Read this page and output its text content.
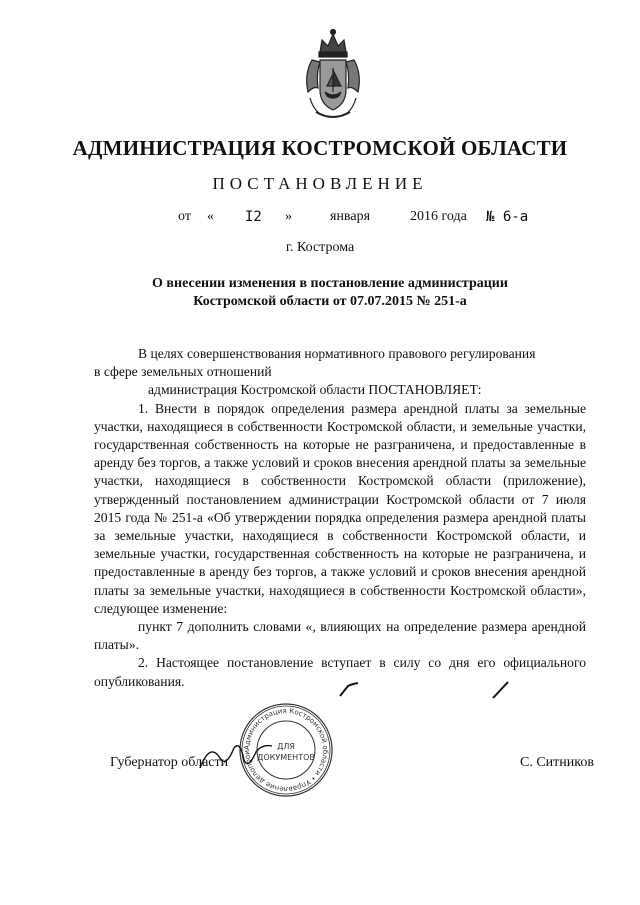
АДМИНИСТРАЦИЯ КОСТРОМСКОЙ ОБЛАСТИ
ПОСТАНОВЛЕНИЕ
от « I2 »	января	2016 года № 6-а
г. Кострома
О внесении изменения в постановление администрации
Костромской области от 07.07.2015 № 251-а

В целях совершенствования нормативного правового регулирования

в сфере земельных отношений

администрация Костромской области ПОСТАНОВЛЯЕТ:

1. Внести в порядок определения размера арендной платы за земельные участки, находящиеся в собственности Костромской области, и земельные участки, государственная собственность на которые не разграничена, и предоставленные в аренду без торгов, а также условий и сроков внесения арендной платы за земельные участки, находящиеся в собственности Костромской области (приложение), утвержденный постановлением администрации Костромской области от 7 июля 2015 года № 251-а «Об утверждении порядка определения размера арендной платы за земельные участки, находящиеся в собственности Костромской области, и земельные участки, государственная собственность на которые не разграничена, и предоставленные в аренду без торгов, а также условий и сроков внесения арендной платы за земельные участки, находящиеся в собственности Костромской области», следующее изменение:

пункт 7 дополнить словами «, влияющих на определение размера арендной платы».

2. Настоящее постановление вступает в силу со дня его официального опубликования.

Губернатор области	С. Ситников
Администрация Костромской области • Управление делопрои
ДЛЯ
ДОКУМЕНТОВ
